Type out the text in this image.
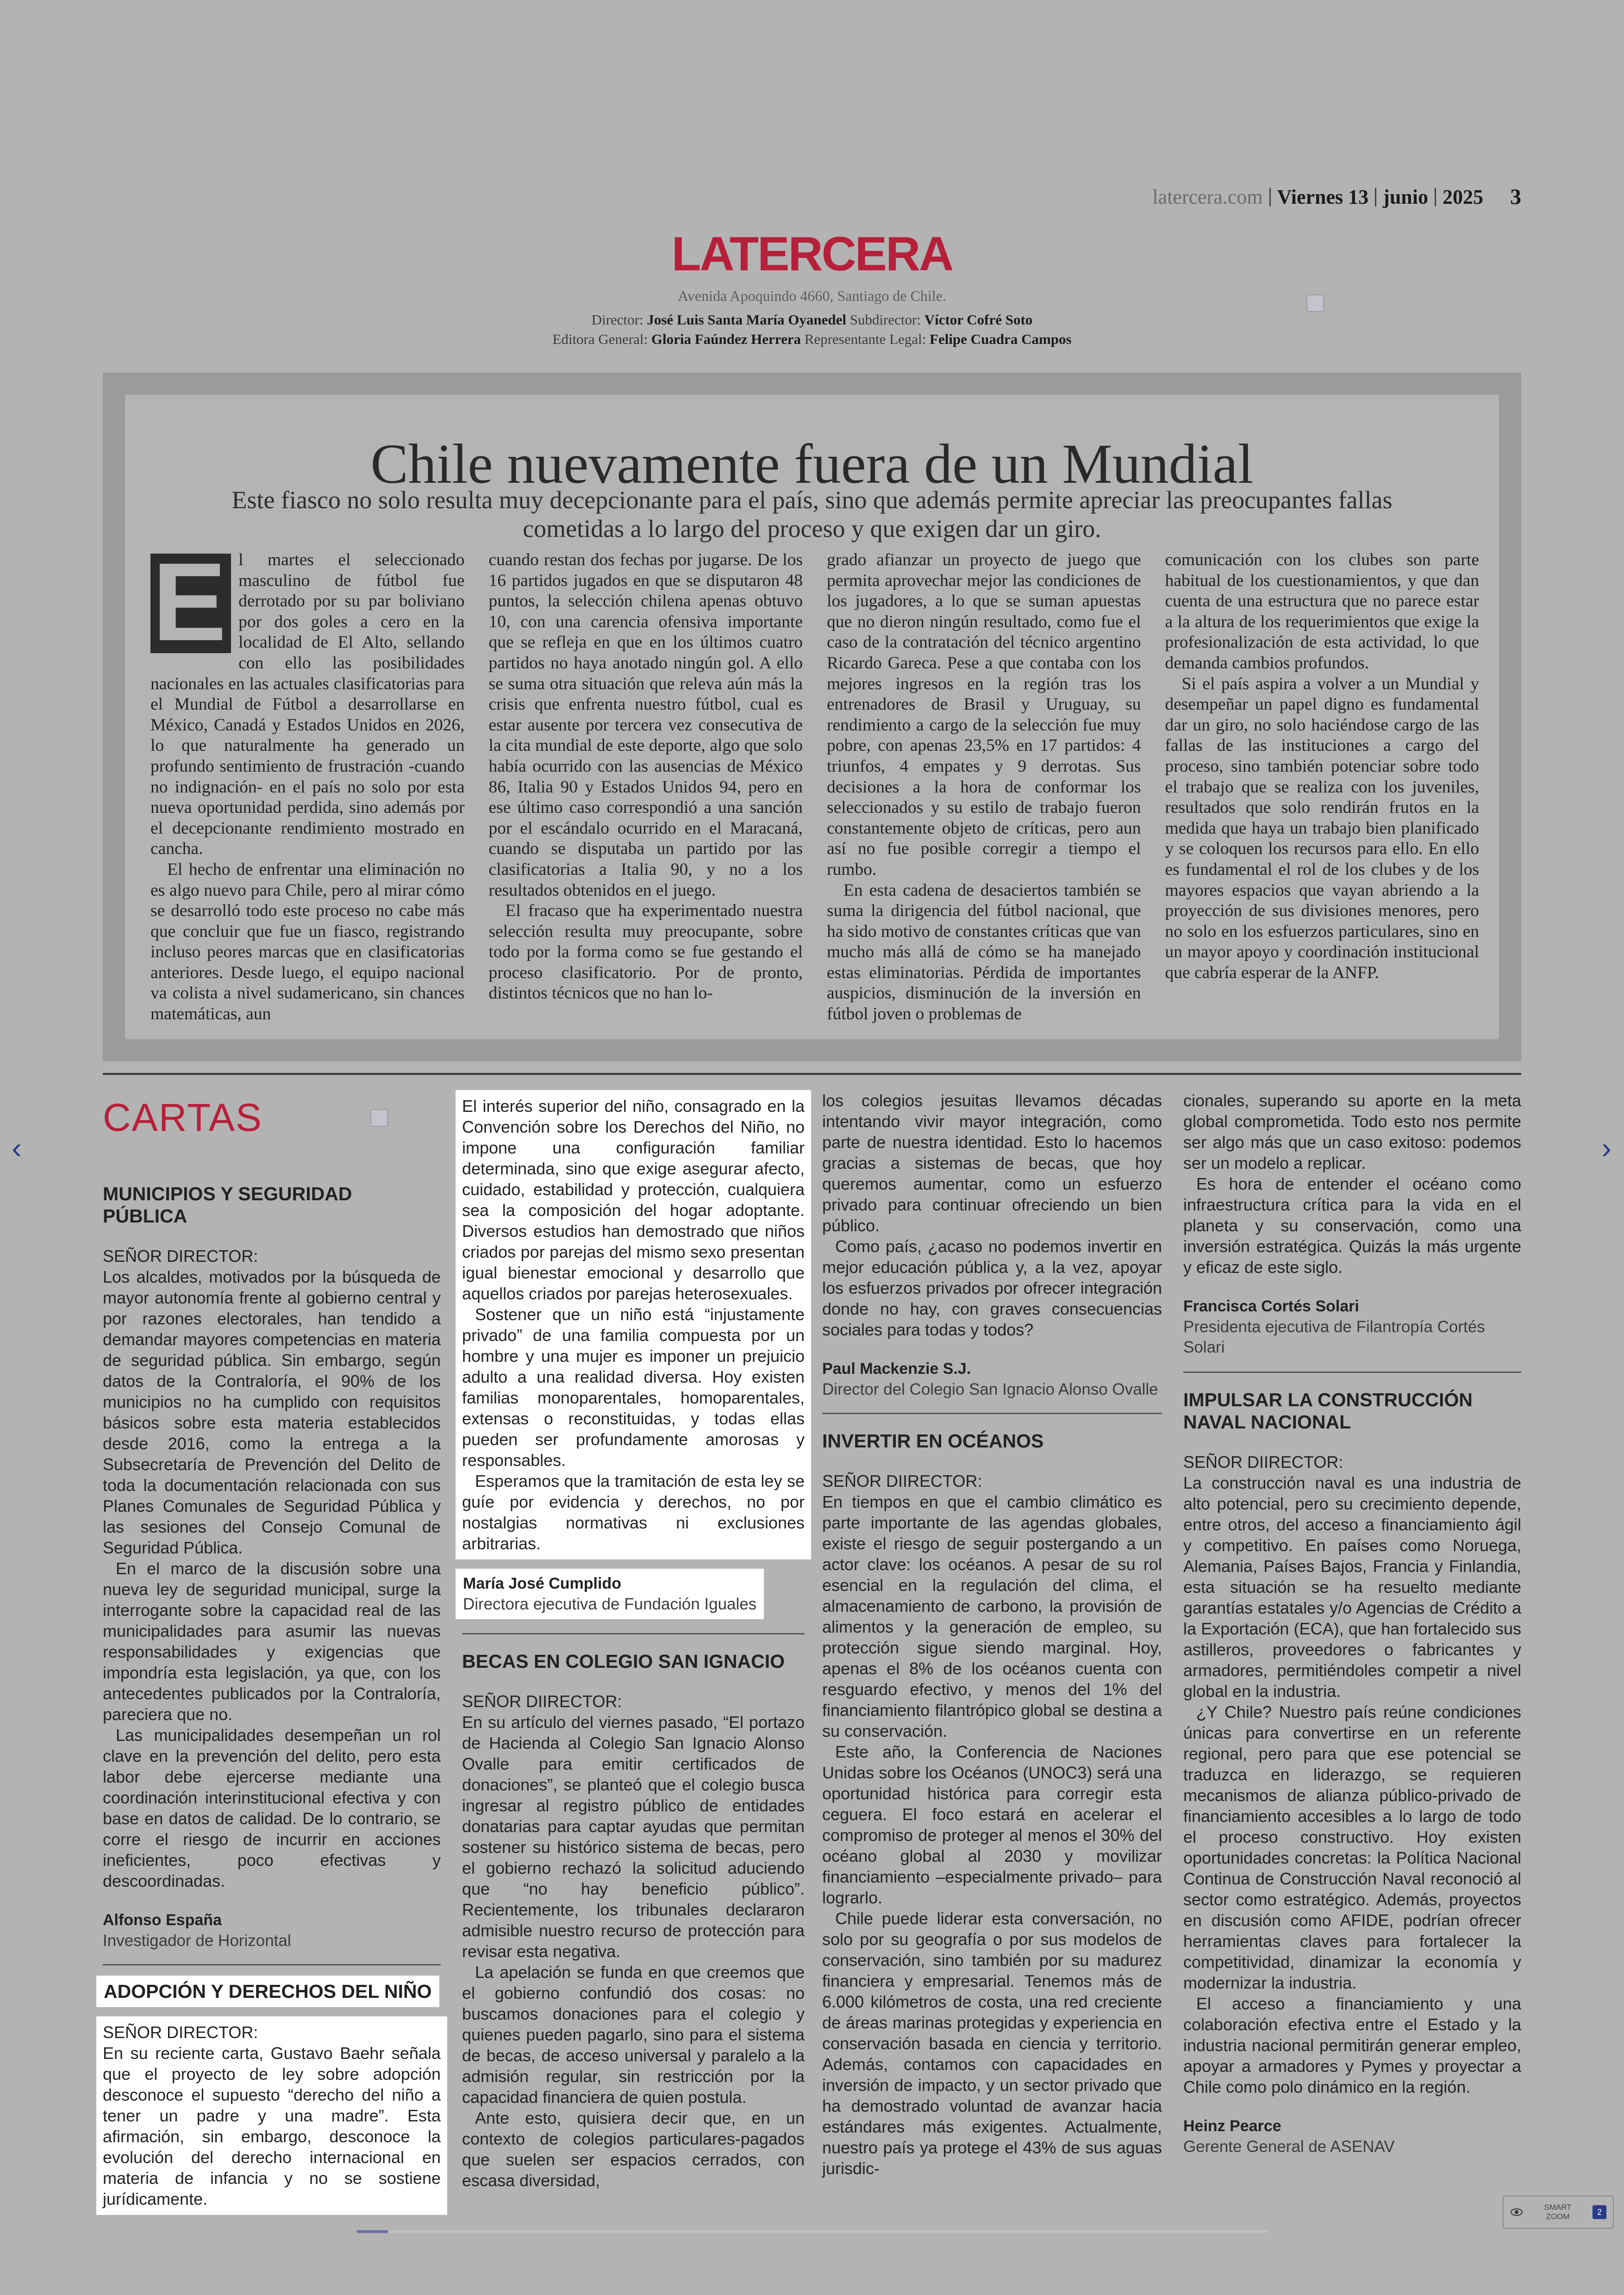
latercera.com Viernes 13 junio 2025 3
LATERCERA
Avenida Apoquindo 4660, Santiago de Chile.
Director: José Luis Santa María Oyanedel Subdirector: Víctor Cofré Soto
Editora General: Gloria Faúndez Herrera Representante Legal: Felipe Cuadra Campos
Chile nuevamente fuera de un Mundial
Este fiasco no solo resulta muy decepcionante para el país, sino que además permite apreciar las preocupantes fallas cometidas a lo largo del proceso y que exigen dar un giro.
E l martes el seleccionado masculino de fútbol fue derrotado por su par boliviano por dos goles a cero en la localidad de El Alto, sellando con ello las posibilidades nacionales en las actuales clasificatorias para el Mundial de Fútbol a desarrollarse en México, Canadá y Estados Unidos en 2026, lo que naturalmente ha generado un profundo sentimiento de frustración -cuando no indignación- en el país no solo por esta nueva oportunidad perdida, sino además por el decepcionante rendimiento mostrado en cancha.

El hecho de enfrentar una eliminación no es algo nuevo para Chile, pero al mirar cómo se desarrolló todo este proceso no cabe más que concluir que fue un fiasco, registrando incluso peores marcas que en clasificatorias anteriores. Desde luego, el equipo nacional va colista a nivel sudamericano, sin chances matemáticas, aun

cuando restan dos fechas por jugarse. De los 16 partidos jugados en que se disputaron 48 puntos, la selección chilena apenas obtuvo 10, con una carencia ofensiva importante que se refleja en que en los últimos cuatro partidos no haya anotado ningún gol. A ello se suma otra situación que releva aún más la crisis que enfrenta nuestro fútbol, cual es estar ausente por tercera vez consecutiva de la cita mundial de este deporte, algo que solo había ocurrido con las ausencias de México 86, Italia 90 y Estados Unidos 94, pero en ese último caso correspondió a una sanción por el escándalo ocurrido en el Maracaná, cuando se disputaba un partido por las clasificatorias a Italia 90, y no a los resultados obtenidos en el juego.

El fracaso que ha experimentado nuestra selección resulta muy preocupante, sobre todo por la forma como se fue gestando el proceso clasificatorio. Por de pronto, distintos técnicos que no han lo-

grado afianzar un proyecto de juego que permita aprovechar mejor las condiciones de los jugadores, a lo que se suman apuestas que no dieron ningún resultado, como fue el caso de la contratación del técnico argentino Ricardo Gareca. Pese a que contaba con los mejores ingresos en la región tras los entrenadores de Brasil y Uruguay, su rendimiento a cargo de la selección fue muy pobre, con apenas 23,5% en 17 partidos: 4 triunfos, 4 empates y 9 derrotas. Sus decisiones a la hora de conformar los seleccionados y su estilo de trabajo fueron constantemente objeto de críticas, pero aun así no fue posible corregir a tiempo el rumbo.

En esta cadena de desaciertos también se suma la dirigencia del fútbol nacional, que ha sido motivo de constantes críticas que van mucho más allá de cómo se ha manejado estas eliminatorias. Pérdida de importantes auspicios, disminución de la inversión en fútbol joven o problemas de

comunicación con los clubes son parte habitual de los cuestionamientos, y que dan cuenta de una estructura que no parece estar a la altura de los requerimientos que exige la profesionalización de esta actividad, lo que demanda cambios profundos.

Si el país aspira a volver a un Mundial y desempeñar un papel digno es fundamental dar un giro, no solo haciéndose cargo de las fallas de las instituciones a cargo del proceso, sino también potenciar sobre todo el trabajo que se realiza con los juveniles, resultados que solo rendirán frutos en la medida que haya un trabajo bien planificado y se coloquen los recursos para ello. En ello es fundamental el rol de los clubes y de los mayores espacios que vayan abriendo a la proyección de sus divisiones menores, pero no solo en los esfuerzos particulares, sino en un mayor apoyo y coordinación institucional que cabría esperar de la ANFP.

CARTAS
MUNICIPIOS Y SEGURIDAD PÚBLICA
SEÑOR DIRECTOR:

Los alcaldes, motivados por la búsqueda de mayor autonomía frente al gobierno central y por razones electorales, han tendido a demandar mayores competencias en materia de seguridad pública. Sin embargo, según datos de la Contraloría, el 90% de los municipios no ha cumplido con requisitos básicos sobre esta materia establecidos desde 2016, como la entrega a la Subsecretaría de Prevención del Delito de toda la documentación relacionada con sus Planes Comunales de Seguridad Pública y las sesiones del Consejo Comunal de Seguridad Pública.

En el marco de la discusión sobre una nueva ley de seguridad municipal, surge la interrogante sobre la capacidad real de las municipalidades para asumir las nuevas responsabilidades y exigencias que impondría esta legislación, ya que, con los antecedentes publicados por la Contraloría, pareciera que no.

Las municipalidades desempeñan un rol clave en la prevención del delito, pero esta labor debe ejercerse mediante una coordinación interinstitucional efectiva y con base en datos de calidad. De lo contrario, se corre el riesgo de incurrir en acciones ineficientes, poco efectivas y descoordinadas.

Alfonso España
Investigador de Horizontal
ADOPCIÓN Y DERECHOS DEL NIÑO
SEÑOR DIRECTOR:
En su reciente carta, Gustavo Baehr señala que el proyecto de ley sobre adopción desconoce el supuesto “derecho del niño a tener un padre y una madre”. Esta afirmación, sin embargo, desconoce la evolución del derecho internacional en materia de infancia y no se sostiene jurídicamente.

El interés superior del niño, consagrado en la Convención sobre los Derechos del Niño, no impone una configuración familiar determinada, sino que exige asegurar afecto, cuidado, estabilidad y protección, cualquiera sea la composición del hogar adoptante. Diversos estudios han demostrado que niños criados por parejas del mismo sexo presentan igual bienestar emocional y desarrollo que aquellos criados por parejas heterosexuales.

Sostener que un niño está “injustamente privado” de una familia compuesta por un hombre y una mujer es imponer un prejuicio adulto a una realidad diversa. Hoy existen familias monoparentales, homoparentales, extensas o reconstituidas, y todas ellas pueden ser profundamente amorosas y responsables.

Esperamos que la tramitación de esta ley se guíe por evidencia y derechos, no por nostalgias normativas ni exclusiones arbitrarias.

María José Cumplido
Directora ejecutiva de Fundación Iguales
BECAS EN COLEGIO SAN IGNACIO
SEÑOR DIIRECTOR:

En su artículo del viernes pasado, “El portazo de Hacienda al Colegio San Ignacio Alonso Ovalle para emitir certificados de donaciones”, se planteó que el colegio busca ingresar al registro público de entidades donatarias para captar ayudas que permitan sostener su histórico sistema de becas, pero el gobierno rechazó la solicitud aduciendo que “no hay beneficio público”. Recientemente, los tribunales declararon admisible nuestro recurso de protección para revisar esta negativa.

La apelación se funda en que creemos que el gobierno confundió dos cosas: no buscamos donaciones para el colegio y quienes pueden pagarlo, sino para el sistema de becas, de acceso universal y paralelo a la admisión regular, sin restricción por la capacidad financiera de quien postula.

Ante esto, quisiera decir que, en un contexto de colegios particulares-pagados que suelen ser espacios cerrados, con escasa diversidad,

los colegios jesuitas llevamos décadas intentando vivir mayor integración, como parte de nuestra identidad. Esto lo hacemos gracias a sistemas de becas, que hoy queremos aumentar, como un esfuerzo privado para continuar ofreciendo un bien público.

Como país, ¿acaso no podemos invertir en mejor educación pública y, a la vez, apoyar los esfuerzos privados por ofrecer integración donde no hay, con graves consecuencias sociales para todas y todos?

Paul Mackenzie S.J.
Director del Colegio San Ignacio Alonso Ovalle
INVERTIR EN OCÉANOS
SEÑOR DIIRECTOR:

En tiempos en que el cambio climático es parte importante de las agendas globales, existe el riesgo de seguir postergando a un actor clave: los océanos. A pesar de su rol esencial en la regulación del clima, el almacenamiento de carbono, la provisión de alimentos y la generación de empleo, su protección sigue siendo marginal. Hoy, apenas el 8% de los océanos cuenta con resguardo efectivo, y menos del 1% del financiamiento filantrópico global se destina a su conservación.

Este año, la Conferencia de Naciones Unidas sobre los Océanos (UNOC3) será una oportunidad histórica para corregir esta ceguera. El foco estará en acelerar el compromiso de proteger al menos el 30% del océano global al 2030 y movilizar financiamiento –especialmente privado– para lograrlo.

Chile puede liderar esta conversación, no solo por su geografía o por sus modelos de conservación, sino también por su madurez financiera y empresarial. Tenemos más de 6.000 kilómetros de costa, una red creciente de áreas marinas protegidas y experiencia en conservación basada en ciencia y territorio. Además, contamos con capacidades en inversión de impacto, y un sector privado que ha demostrado voluntad de avanzar hacia estándares más exigentes. Actualmente, nuestro país ya protege el 43% de sus aguas jurisdic-

cionales, superando su aporte en la meta global comprometida. Todo esto nos permite ser algo más que un caso exitoso: podemos ser un modelo a replicar.

Es hora de entender el océano como infraestructura crítica para la vida en el planeta y su conservación, como una inversión estratégica. Quizás la más urgente y eficaz de este siglo.

Francisca Cortés Solari
Presidenta ejecutiva de Filantropía Cortés Solari
IMPULSAR LA CONSTRUCCIÓN NAVAL NACIONAL
SEÑOR DIIRECTOR:

La construcción naval es una industria de alto potencial, pero su crecimiento depende, entre otros, del acceso a financiamiento ágil y competitivo. En países como Noruega, Alemania, Países Bajos, Francia y Finlandia, esta situación se ha resuelto mediante garantías estatales y/o Agencias de Crédito a la Exportación (ECA), que han fortalecido sus astilleros, proveedores o fabricantes y armadores, permitiéndoles competir a nivel global en la industria.

¿Y Chile? Nuestro país reúne condiciones únicas para convertirse en un referente regional, pero para que ese potencial se traduzca en liderazgo, se requieren mecanismos de alianza público-privado de financiamiento accesibles a lo largo de todo el proceso constructivo. Hoy existen oportunidades concretas: la Política Nacional Continua de Construcción Naval reconoció al sector como estratégico. Además, proyectos en discusión como AFIDE, podrían ofrecer herramientas claves para fortalecer la competitividad, dinamizar la economía y modernizar la industria.

El acceso a financiamiento y una colaboración efectiva entre el Estado y la industria nacional permitirán generar empleo, apoyar a armadores y Pymes y proyectar a Chile como polo dinámico en la región.

Heinz Pearce
Gerente General de ASENAV
‹	›
SMART
ZOOM	2
